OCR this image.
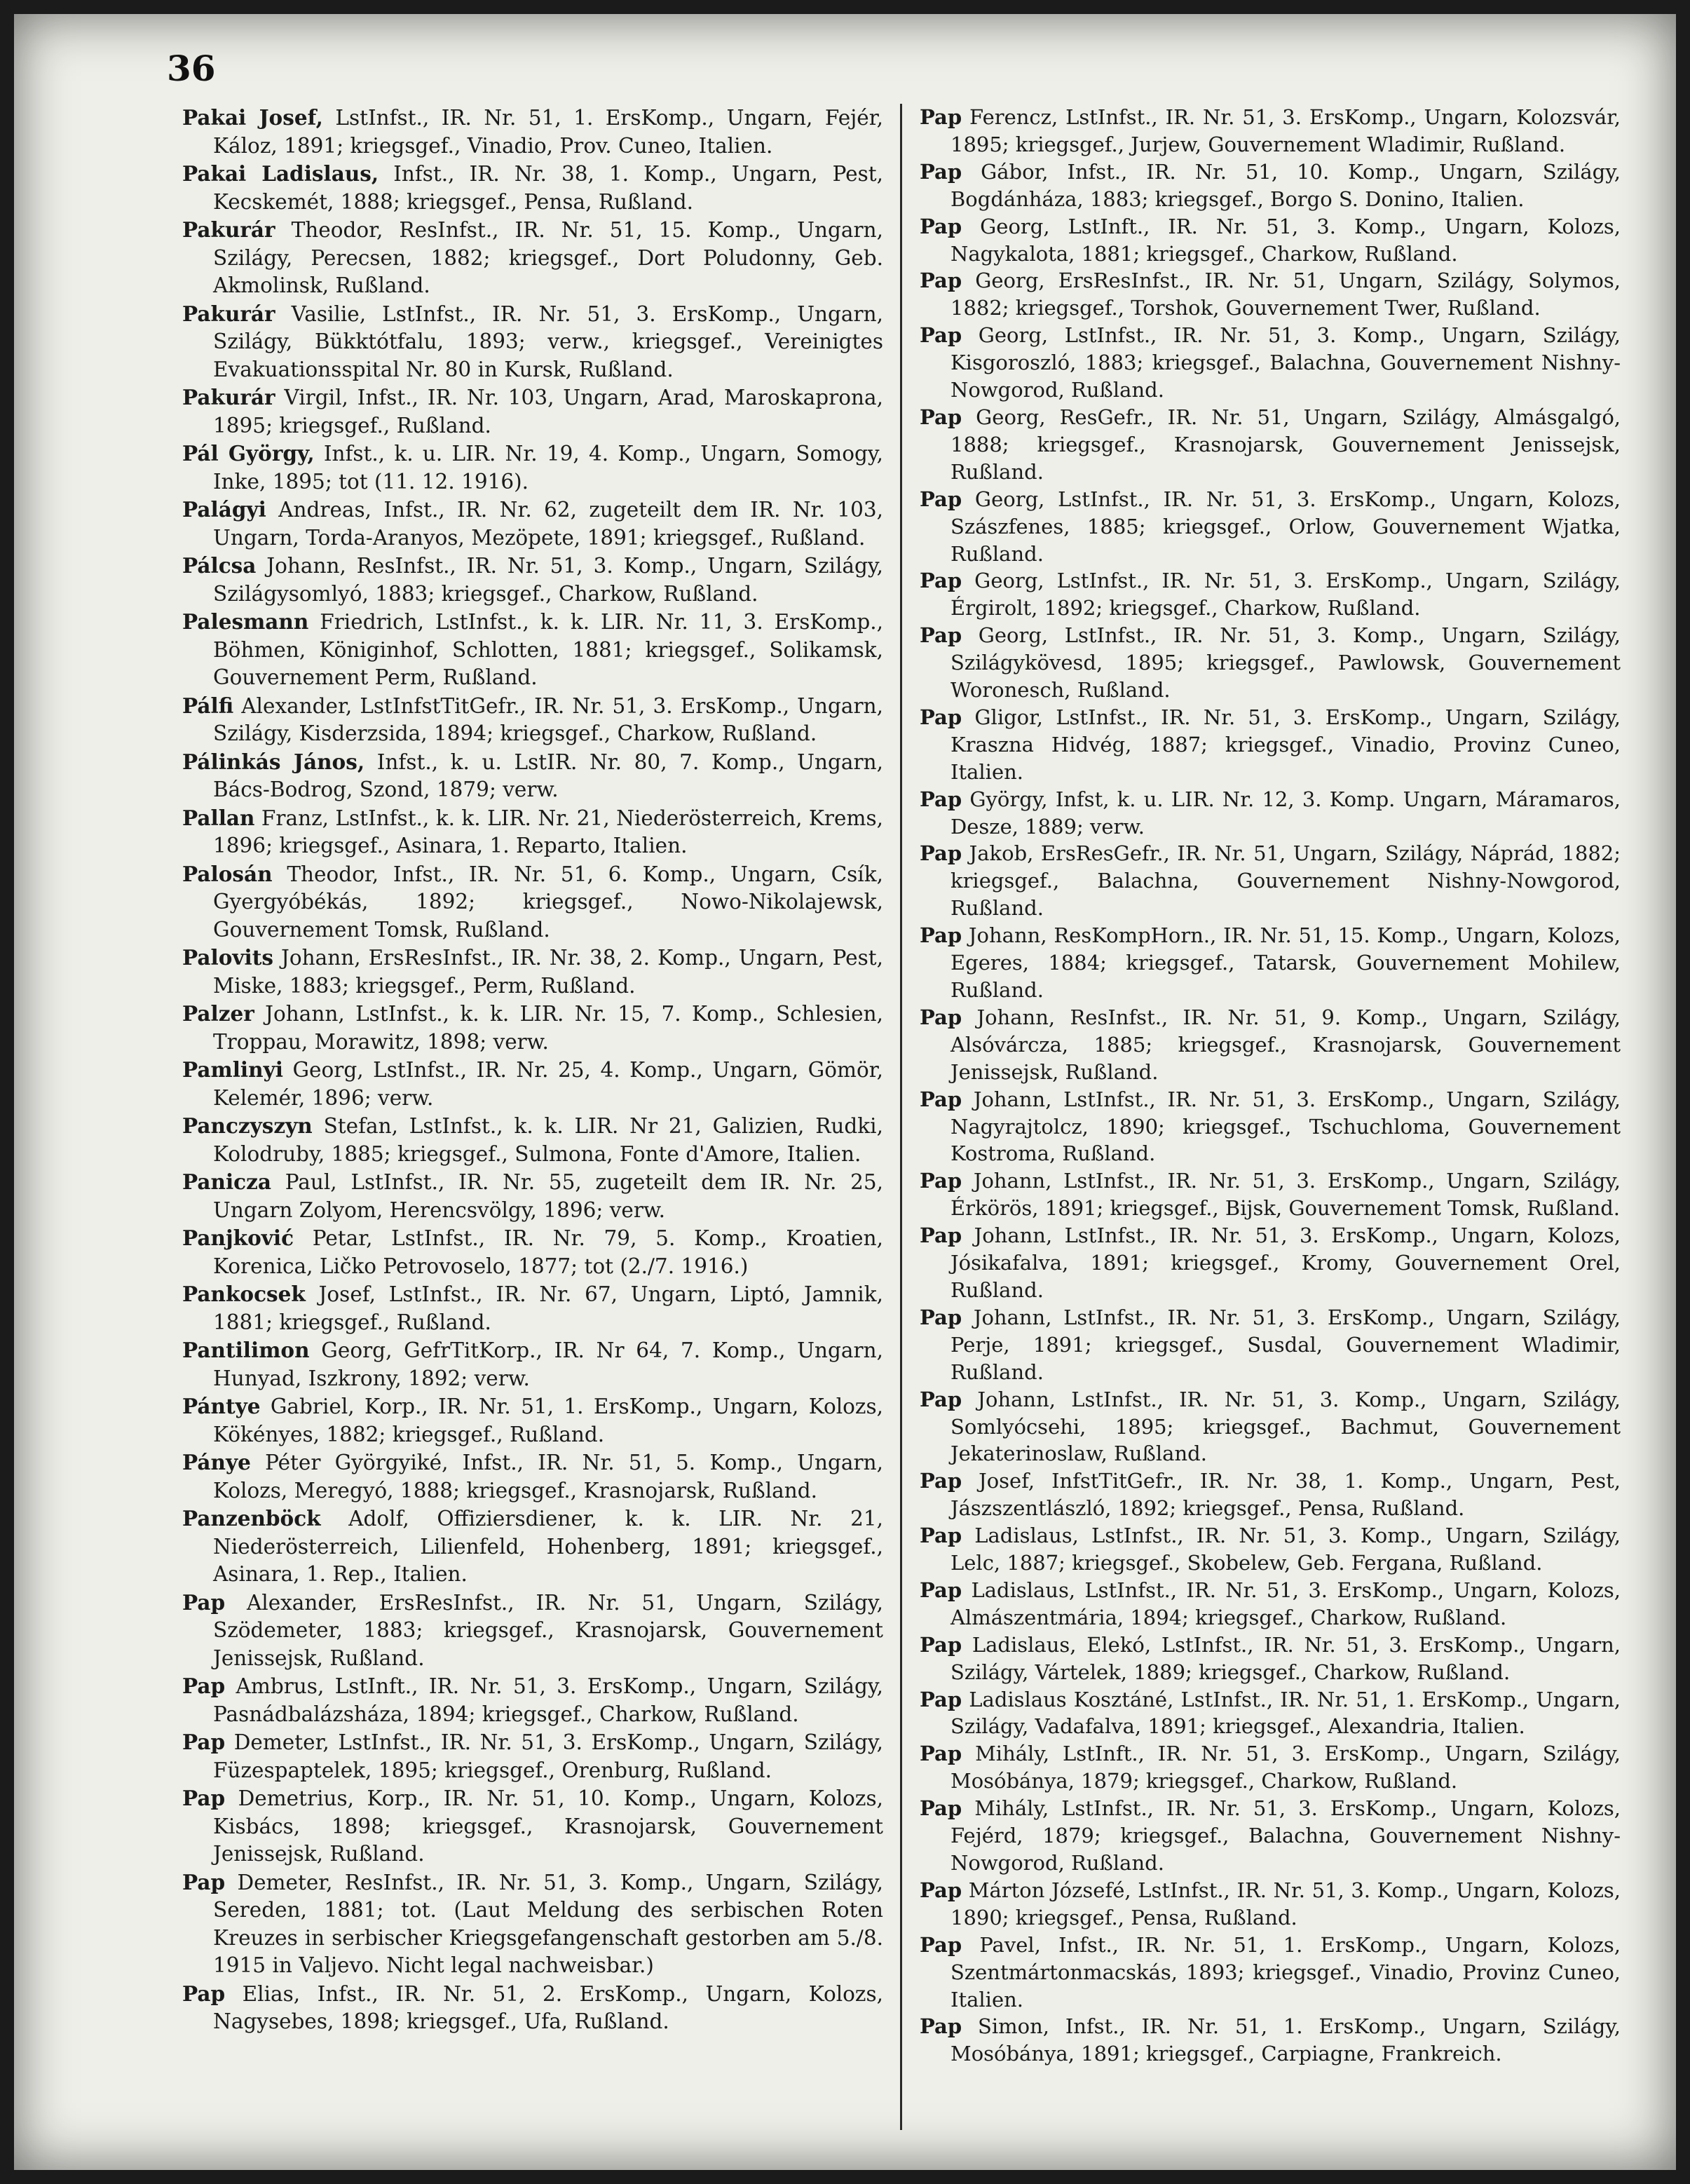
36

Pakai Josef, LstInfst., IR. Nr. 51, 1. ErsKomp., Ungarn, Fejér, Káloz, 1891; kriegsgef., Vinadio, Prov. Cuneo, Italien.

Pakai Ladislaus, Infst., IR. Nr. 38, 1. Komp., Ungarn, Pest, Kecskemét, 1888; kriegsgef., Pensa, Rußland.

Pakurár Theodor, ResInfst., IR. Nr. 51, 15. Komp., Ungarn, Szilágy, Perecsen, 1882; kriegsgef., Dort Poludonny, Geb. Akmolinsk, Rußland.

Pakurár Vasilie, LstInfst., IR. Nr. 51, 3. ErsKomp., Ungarn, Szilágy, Bükktótfalu, 1893; verw., kriegsgef., Vereinigtes Evakuationsspital Nr. 80 in Kursk, Rußland.

Pakurár Virgil, Infst., IR. Nr. 103, Ungarn, Arad, Maroskaprona, 1895; kriegsgef., Rußland.

Pál György, Infst., k. u. LIR. Nr. 19, 4. Komp., Ungarn, Somogy, Inke, 1895; tot (11. 12. 1916).

Palágyi Andreas, Infst., IR. Nr. 62, zugeteilt dem IR. Nr. 103, Ungarn, Torda-Aranyos, Mezöpete, 1891; kriegsgef., Rußland.

Pálcsa Johann, ResInfst., IR. Nr. 51, 3. Komp., Ungarn, Szilágy, Szilágysomlyó, 1883; kriegsgef., Charkow, Rußland.

Palesmann Friedrich, LstInfst., k. k. LIR. Nr. 11, 3. ErsKomp., Böhmen, Königinhof, Schlotten, 1881; kriegsgef., Solikamsk, Gouvernement Perm, Rußland.

Pálfi Alexander, LstInfstTitGefr., IR. Nr. 51, 3. ErsKomp., Ungarn, Szilágy, Kisderzsida, 1894; kriegsgef., Charkow, Rußland.

Pálinkás János, Infst., k. u. LstIR. Nr. 80, 7. Komp., Ungarn, Bács-Bodrog, Szond, 1879; verw.

Pallan Franz, LstInfst., k. k. LIR. Nr. 21, Niederösterreich, Krems, 1896; kriegsgef., Asinara, 1. Reparto, Italien.

Palosán Theodor, Infst., IR. Nr. 51, 6. Komp., Ungarn, Csík, Gyergyóbékás, 1892; kriegsgef., Nowo-Nikolajewsk, Gouvernement Tomsk, Rußland.

Palovits Johann, ErsResInfst., IR. Nr. 38, 2. Komp., Ungarn, Pest, Miske, 1883; kriegsgef., Perm, Rußland.

Palzer Johann, LstInfst., k. k. LIR. Nr. 15, 7. Komp., Schlesien, Troppau, Morawitz, 1898; verw.

Pamlinyi Georg, LstInfst., IR. Nr. 25, 4. Komp., Ungarn, Gömör, Kelemér, 1896; verw.

Panczyszyn Stefan, LstInfst., k. k. LIR. Nr 21, Galizien, Rudki, Kolodruby, 1885; kriegsgef., Sulmona, Fonte d'Amore, Italien.

Panicza Paul, LstInfst., IR. Nr. 55, zugeteilt dem IR. Nr. 25, Ungarn Zolyom, Herencsvölgy, 1896; verw.

Panjković Petar, LstInfst., IR. Nr. 79, 5. Komp., Kroatien, Korenica, Ličko Petrovoselo, 1877; tot (2./7. 1916.)

Pankocsek Josef, LstInfst., IR. Nr. 67, Ungarn, Liptó, Jamnik, 1881; kriegsgef., Rußland.

Pantilimon Georg, GefrTitKorp., IR. Nr 64, 7. Komp., Ungarn, Hunyad, Iszkrony, 1892; verw.

Pántye Gabriel, Korp., IR. Nr. 51, 1. ErsKomp., Ungarn, Kolozs, Kökényes, 1882; kriegsgef., Rußland.

Pánye Péter Györgyiké, Infst., IR. Nr. 51, 5. Komp., Ungarn, Kolozs, Meregyó, 1888; kriegsgef., Krasnojarsk, Rußland.

Panzenböck Adolf, Offiziersdiener, k. k. LIR. Nr. 21, Niederösterreich, Lilienfeld, Hohenberg, 1891; kriegsgef., Asinara, 1. Rep., Italien.

Pap Alexander, ErsResInfst., IR. Nr. 51, Ungarn, Szilágy, Szödemeter, 1883; kriegsgef., Krasnojarsk, Gouvernement Jenissejsk, Rußland.

Pap Ambrus, LstInft., IR. Nr. 51, 3. ErsKomp., Ungarn, Szilágy, Pasnádbalázsháza, 1894; kriegsgef., Charkow, Rußland.

Pap Demeter, LstInfst., IR. Nr. 51, 3. ErsKomp., Ungarn, Szilágy, Füzespaptelek, 1895; kriegsgef., Orenburg, Rußland.

Pap Demetrius, Korp., IR. Nr. 51, 10. Komp., Ungarn, Kolozs, Kisbács, 1898; kriegsgef., Krasnojarsk, Gouvernement Jenissejsk, Rußland.

Pap Demeter, ResInfst., IR. Nr. 51, 3. Komp., Ungarn, Szilágy, Sereden, 1881; tot. (Laut Meldung des serbischen Roten Kreuzes in serbischer Kriegsgefangenschaft gestorben am 5./8. 1915 in Valjevo. Nicht legal nachweisbar.)

Pap Elias, Infst., IR. Nr. 51, 2. ErsKomp., Ungarn, Kolozs, Nagysebes, 1898; kriegsgef., Ufa, Rußland.

Pap Ferencz, LstInfst., IR. Nr. 51, 3. ErsKomp., Ungarn, Kolozsvár, 1895; kriegsgef., Jurjew, Gouvernement Wladimir, Rußland.

Pap Gábor, Infst., IR. Nr. 51, 10. Komp., Ungarn, Szilágy, Bogdánháza, 1883; kriegsgef., Borgo S. Donino, Italien.

Pap Georg, LstInft., IR. Nr. 51, 3. Komp., Ungarn, Kolozs, Nagykalota, 1881; kriegsgef., Charkow, Rußland.

Pap Georg, ErsResInfst., IR. Nr. 51, Ungarn, Szilágy, Solymos, 1882; kriegsgef., Torshok, Gouvernement Twer, Rußland.

Pap Georg, LstInfst., IR. Nr. 51, 3. Komp., Ungarn, Szilágy, Kisgoroszló, 1883; kriegsgef., Balachna, Gouvernement Nishny-Nowgorod, Rußland.

Pap Georg, ResGefr., IR. Nr. 51, Ungarn, Szilágy, Almásgalgó, 1888; kriegsgef., Krasnojarsk, Gouvernement Jenissejsk, Rußland.

Pap Georg, LstInfst., IR. Nr. 51, 3. ErsKomp., Ungarn, Kolozs, Szászfenes, 1885; kriegsgef., Orlow, Gouvernement Wjatka, Rußland.

Pap Georg, LstInfst., IR. Nr. 51, 3. ErsKomp., Ungarn, Szilágy, Érgirolt, 1892; kriegsgef., Charkow, Rußland.

Pap Georg, LstInfst., IR. Nr. 51, 3. Komp., Ungarn, Szilágy, Szilágykövesd, 1895; kriegsgef., Pawlowsk, Gouvernement Woronesch, Rußland.

Pap Gligor, LstInfst., IR. Nr. 51, 3. ErsKomp., Ungarn, Szilágy, Kraszna Hidvég, 1887; kriegsgef., Vinadio, Provinz Cuneo, Italien.

Pap György, Infst, k. u. LIR. Nr. 12, 3. Komp. Ungarn, Máramaros, Desze, 1889; verw.

Pap Jakob, ErsResGefr., IR. Nr. 51, Ungarn, Szilágy, Náprád, 1882; kriegsgef., Balachna, Gouvernement Nishny-Nowgorod, Rußland.

Pap Johann, ResKompHorn., IR. Nr. 51, 15. Komp., Ungarn, Kolozs, Egeres, 1884; kriegsgef., Tatarsk, Gouvernement Mohilew, Rußland.

Pap Johann, ResInfst., IR. Nr. 51, 9. Komp., Ungarn, Szilágy, Alsóvárcza, 1885; kriegsgef., Krasnojarsk, Gouvernement Jenissejsk, Rußland.

Pap Johann, LstInfst., IR. Nr. 51, 3. ErsKomp., Ungarn, Szilágy, Nagyrajtolcz, 1890; kriegsgef., Tschuchloma, Gouvernement Kostroma, Rußland.

Pap Johann, LstInfst., IR. Nr. 51, 3. ErsKomp., Ungarn, Szilágy, Érkörös, 1891; kriegsgef., Bijsk, Gouvernement Tomsk, Rußland.

Pap Johann, LstInfst., IR. Nr. 51, 3. ErsKomp., Ungarn, Kolozs, Jósikafalva, 1891; kriegsgef., Kromy, Gouvernement Orel, Rußland.

Pap Johann, LstInfst., IR. Nr. 51, 3. ErsKomp., Ungarn, Szilágy, Perje, 1891; kriegsgef., Susdal, Gouvernement Wladimir, Rußland.

Pap Johann, LstInfst., IR. Nr. 51, 3. Komp., Ungarn, Szilágy, Somlyócsehi, 1895; kriegsgef., Bachmut, Gouvernement Jekaterinoslaw, Rußland.

Pap Josef, InfstTitGefr., IR. Nr. 38, 1. Komp., Ungarn, Pest, Jászszentlászló, 1892; kriegsgef., Pensa, Rußland.

Pap Ladislaus, LstInfst., IR. Nr. 51, 3. Komp., Ungarn, Szilágy, Lelc, 1887; kriegsgef., Skobelew, Geb. Fergana, Rußland.

Pap Ladislaus, LstInfst., IR. Nr. 51, 3. ErsKomp., Ungarn, Kolozs, Almászentmária, 1894; kriegsgef., Charkow, Rußland.

Pap Ladislaus, Elekó, LstInfst., IR. Nr. 51, 3. ErsKomp., Ungarn, Szilágy, Vártelek, 1889; kriegsgef., Charkow, Rußland.

Pap Ladislaus Kosztáné, LstInfst., IR. Nr. 51, 1. ErsKomp., Ungarn, Szilágy, Vadafalva, 1891; kriegsgef., Alexandria, Italien.

Pap Mihály, LstInft., IR. Nr. 51, 3. ErsKomp., Ungarn, Szilágy, Mosóbánya, 1879; kriegsgef., Charkow, Rußland.

Pap Mihály, LstInfst., IR. Nr. 51, 3. ErsKomp., Ungarn, Kolozs, Fejérd, 1879; kriegsgef., Balachna, Gouvernement Nishny-Nowgorod, Rußland.

Pap Márton Józsefé, LstInfst., IR. Nr. 51, 3. Komp., Ungarn, Kolozs, 1890; kriegsgef., Pensa, Rußland.

Pap Pavel, Infst., IR. Nr. 51, 1. ErsKomp., Ungarn, Kolozs, Szentmártonmacskás, 1893; kriegsgef., Vinadio, Provinz Cuneo, Italien.

Pap Simon, Infst., IR. Nr. 51, 1. ErsKomp., Ungarn, Szilágy, Mosóbánya, 1891; kriegsgef., Carpiagne, Frankreich.
